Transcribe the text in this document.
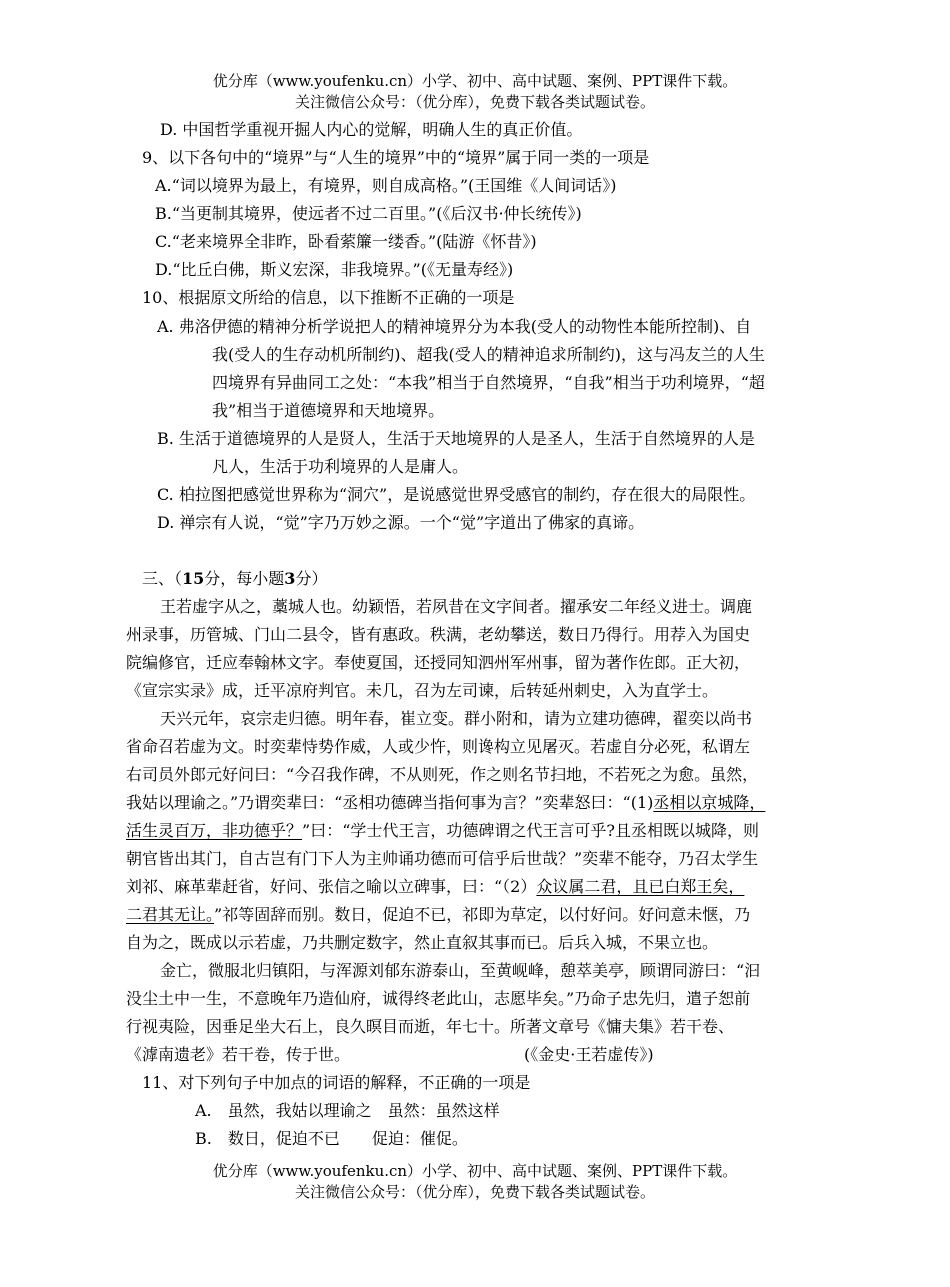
优分库（www.youfenku.cn）小学、初中、高中试题、案例、PPT课件下载。
关注微信公众号：（优分库），免费下载各类试题试卷。
D. 中国哲学重视开掘人内心的觉解，明确人生的真正价值。
9、以下各句中的“境界”与“人生的境界”中的“境界”属于同一类的一项是
A.“词以境界为最上，有境界，则自成高格。”(王国维《人间词话》)
B.“当更制其境界，使远者不过二百里。”(《后汉书·仲长统传》)
C.“老来境界全非昨，卧看萦簾一缕香。”(陆游《怀昔》)
D.“比丘白佛，斯义宏深，非我境界。”(《无量寿经》)
10、根据原文所给的信息，以下推断不正确的一项是
A. 弗洛伊德的精神分析学说把人的精神境界分为本我(受人的动物性本能所控制)、自
我(受人的生存动机所制约)、超我(受人的精神追求所制约)，这与冯友兰的人生
四境界有异曲同工之处：“本我”相当于自然境界，“自我”相当于功利境界，“超
我”相当于道德境界和天地境界。
B. 生活于道德境界的人是贤人，生活于天地境界的人是圣人，生活于自然境界的人是
凡人，生活于功利境界的人是庸人。
C. 柏拉图把感觉世界称为“洞穴”，是说感觉世界受感官的制约，存在很大的局限性。
D. 禅宗有人说，“觉”字乃万妙之源。一个“觉”字道出了佛家的真谛。
三、（15分，每小题3分）
王若虚字从之，藁城人也。幼颖悟，若夙昔在文字间者。擢承安二年经义进士。调鹿
州录事，历管城、门山二县令，皆有惠政。秩满，老幼攀送，数日乃得行。用荐入为国史
院编修官，迁应奉翰林文字。奉使夏国，还授同知泗州军州事，留为著作佐郎。正大初，
《宣宗实录》成，迁平凉府判官。未几，召为左司谏，后转延州刺史，入为直学士。
天兴元年，哀宗走归德。明年春，崔立变。群小附和，请为立建功德碑，翟奕以尚书
省命召若虚为文。时奕辈恃势作威，人或少忤，则谗构立见屠灭。若虚自分必死，私谓左
右司员外郎元好问曰：“今召我作碑，不从则死，作之则名节扫地，不若死之为愈。虽然，
我姑以理谕之。”乃谓奕辈曰：“丞相功德碑当指何事为言？”奕辈怒曰：“(1)丞相以京城降，
活生灵百万，非功德乎？”曰：“学士代王言，功德碑谓之代王言可乎?且丞相既以城降，则
朝官皆出其门，自古岂有门下人为主帅诵功德而可信乎后世哉？”奕辈不能夺，乃召太学生
刘祁、麻革辈赶省，好问、张信之喻以立碑事，曰：“（2）众议属二君，且已白郑王矣，
二君其无让。”祁等固辞而别。数日，促迫不已，祁即为草定，以付好问。好问意未惬，乃
自为之，既成以示若虚，乃共删定数字，然止直叙其事而已。后兵入城，不果立也。
金亡，微服北归镇阳，与浑源刘郁东游泰山，至黄岘峰，憩萃美亭，顾谓同游曰：“汩
没尘土中一生，不意晚年乃造仙府，诚得终老此山，志愿毕矣。”乃命子忠先归，遣子恕前
行视夷险，因垂足坐大石上，良久暝目而逝，年七十。所著文章号《慵夫集》若干卷、
《滹南遗老》若干卷，传于世。	(《金史·王若虚传》)
11、对下列句子中加点的词语的解释，不正确的一项是
A.　虽然，我姑以理谕之　虽然：虽然这样
B.　数日，促迫不已　　促迫：催促。
优分库（www.youfenku.cn）小学、初中、高中试题、案例、PPT课件下载。
关注微信公众号：（优分库），免费下载各类试题试卷。
